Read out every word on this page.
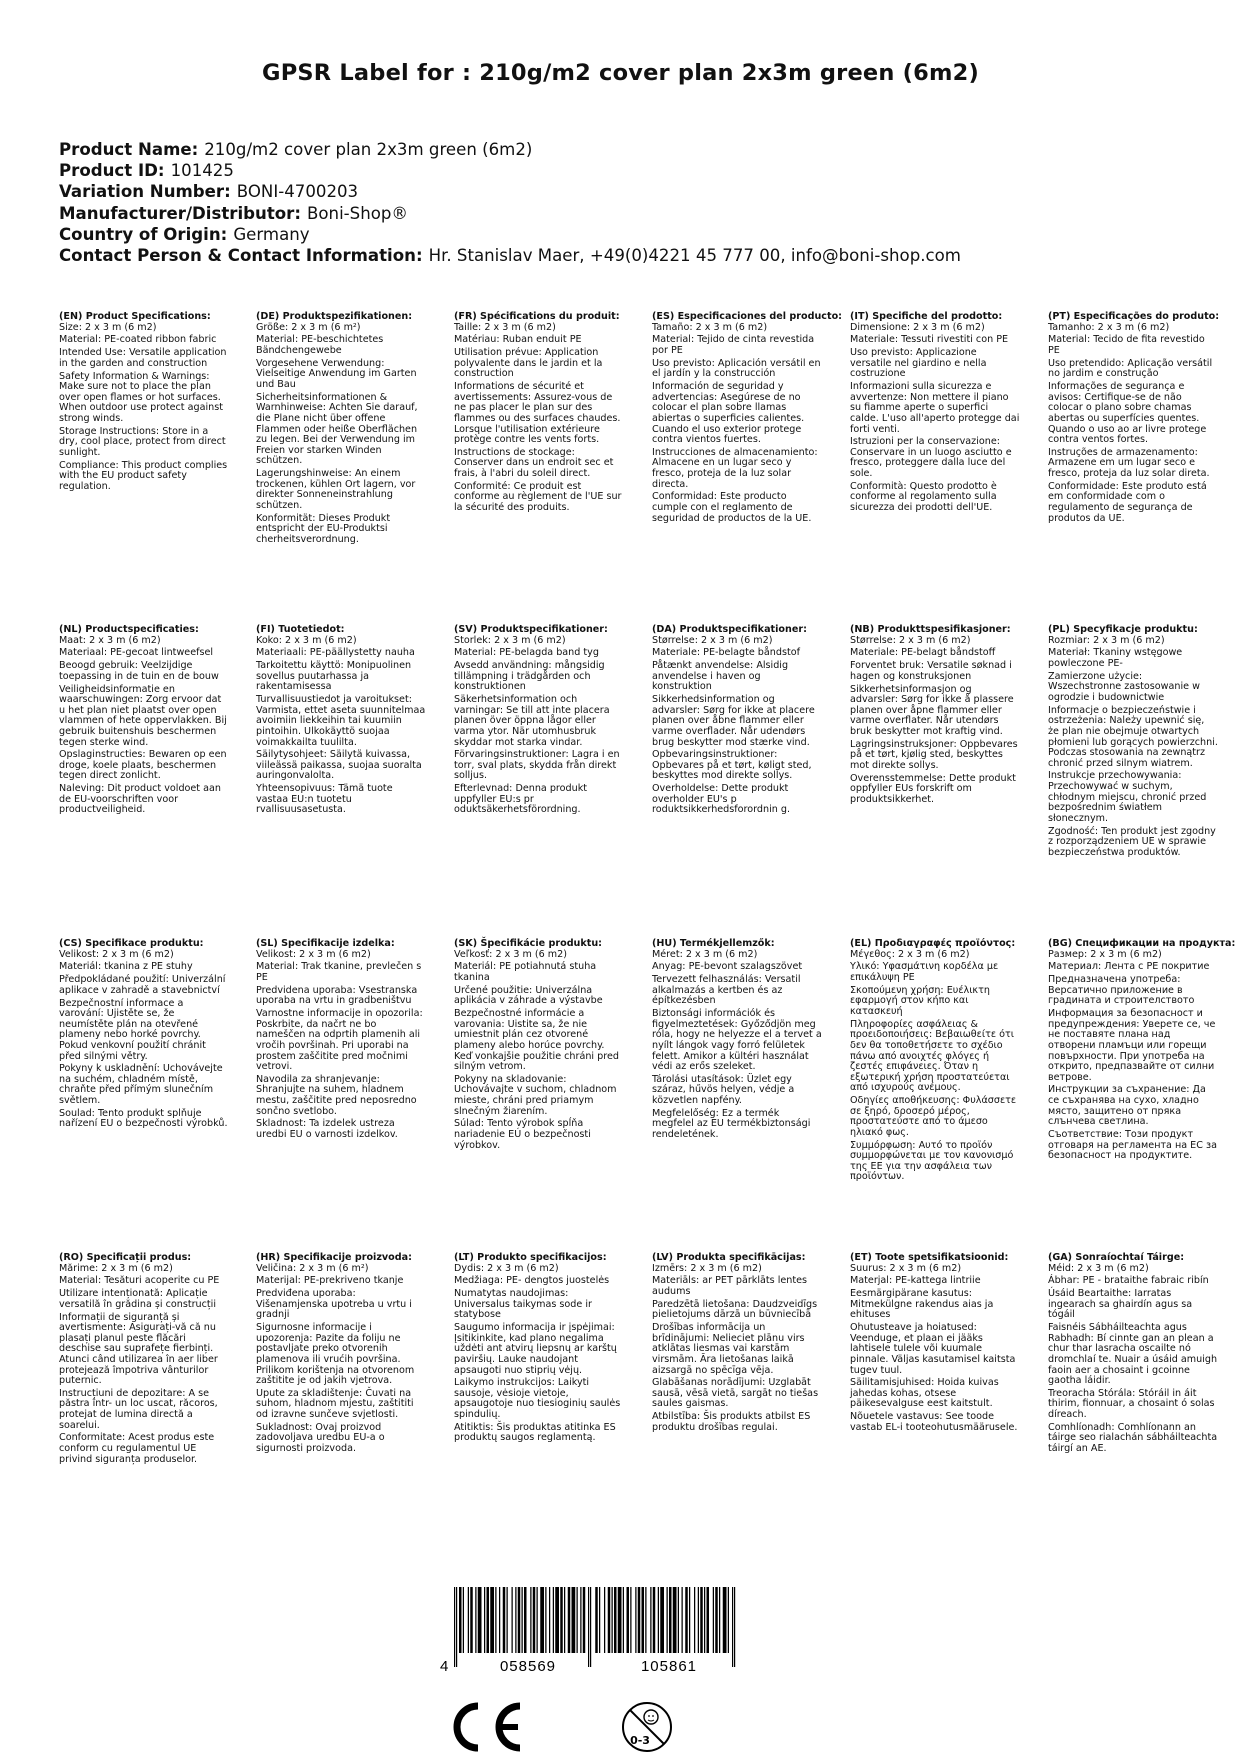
GPSR Label for : 210g/m2 cover plan 2x3m green (6m2)
Product Name: 210g/m2 cover plan 2x3m green (6m2)
Product ID: 101425
Variation Number: BONI-4700203
Manufacturer/Distributor: Boni-Shop®
Country of Origin: Germany
Contact Person & Contact Information: Hr. Stanislav Maer, +49(0)4221 45 777 00, info@boni-shop.com
(EN) Product Specifications:

Size: 2 x 3 m (6 m2)

Material: PE-coated ribbon fabric

Intended Use: Versatile application in the garden and construction

Safety Information & Warnings: Make sure not to place the plan over open flames or hot surfaces. When outdoor use protect against strong winds.

Storage Instructions: Store in a dry, cool place, protect from direct sunlight.

Compliance: This product complies with the EU product safety regulation.

(DE) Produktspezifikationen:

Größe: 2 x 3 m (6 m²)

Material: PE-beschichtetes Bändchengewebe

Vorgesehene Verwendung: Vielseitige Anwendung im Garten und Bau

Sicherheitsinformationen & Warnhinweise: Achten Sie darauf, die Plane nicht über offene Flammen oder heiße Oberflächen zu legen. Bei der Verwendung im Freien vor starken Winden schützen.

Lagerungshinweise: An einem trockenen, kühlen Ort lagern, vor direkter Sonneneinstrahlung schützen.

Konformität: Dieses Produkt entspricht der EU-Produktsi cherheitsverordnung.

(FR) Spécifications du produit:

Taille: 2 x 3 m (6 m2)

Matériau: Ruban enduit PE

Utilisation prévue: Application polyvalente dans le jardin et la construction

Informations de sécurité et avertissements: Assurez-vous de ne pas placer le plan sur des flammes ou des surfaces chaudes. Lorsque l'utilisation extérieure protège contre les vents forts.

Instructions de stockage: Conserver dans un endroit sec et frais, à l'abri du soleil direct.

Conformité: Ce produit est conforme au règlement de l'UE sur la sécurité des produits.

(ES) Especificaciones del producto:

Tamaño: 2 x 3 m (6 m2)

Material: Tejido de cinta revestida por PE

Uso previsto: Aplicación versátil en el jardín y la construcción

Información de seguridad y advertencias: Asegúrese de no colocar el plan sobre llamas abiertas o superficies calientes. Cuando el uso exterior protege contra vientos fuertes.

Instrucciones de almacenamiento: Almacene en un lugar seco y fresco, proteja de la luz solar directa.

Conformidad: Este producto cumple con el reglamento de seguridad de productos de la UE.

(IT) Specifiche del prodotto:

Dimensione: 2 x 3 m (6 m2)

Materiale: Tessuti rivestiti con PE

Uso previsto: Applicazione versatile nel giardino e nella costruzione

Informazioni sulla sicurezza e avvertenze: Non mettere il piano su fiamme aperte o superfici calde. L'uso all'aperto protegge dai forti venti.

Istruzioni per la conservazione: Conservare in un luogo asciutto e fresco, proteggere dalla luce del sole.

Conformità: Questo prodotto è conforme al regolamento sulla sicurezza dei prodotti dell'UE.

(PT) Especificações do produto:

Tamanho: 2 x 3 m (6 m2)

Material: Tecido de fita revestido PE

Uso pretendido: Aplicação versátil no jardim e construção

Informações de segurança e avisos: Certifique-se de não colocar o plano sobre chamas abertas ou superfícies quentes. Quando o uso ao ar livre protege contra ventos fortes.

Instruções de armazenamento: Armazene em um lugar seco e fresco, proteja da luz solar direta.

Conformidade: Este produto está em conformidade com o regulamento de segurança de produtos da UE.

(NL) Productspecificaties:

Maat: 2 x 3 m (6 m2)

Materiaal: PE-gecoat lintweefsel

Beoogd gebruik: Veelzijdige toepassing in de tuin en de bouw

Veiligheidsinformatie en waarschuwingen: Zorg ervoor dat u het plan niet plaatst over open vlammen of hete oppervlakken. Bij gebruik buitenshuis beschermen tegen sterke wind.

Opslaginstructies: Bewaren op een droge, koele plaats, beschermen tegen direct zonlicht.

Naleving: Dit product voldoet aan de EU-voorschriften voor productveiligheid.

(FI) Tuotetiedot:

Koko: 2 x 3 m (6 m2)

Materiaali: PE-päällystetty nauha

Tarkoitettu käyttö: Monipuolinen sovellus puutarhassa ja rakentamisessa

Turvallisuustiedot ja varoitukset: Varmista, ettet aseta suunnitelmaa avoimiin liekkeihin tai kuumiin pintoihin. Ulkokäyttö suojaa voimakkailta tuulilta.

Säilytysohjeet: Säilytä kuivassa, viileässä paikassa, suojaa suoralta auringonvalolta.

Yhteensopivuus: Tämä tuote vastaa EU:n tuotetu rvallisuusasetusta.

(SV) Produktspecifikationer:

Storlek: 2 x 3 m (6 m2)

Material: PE-belagda band tyg

Avsedd användning: mångsidig tillämpning i trädgården och konstruktionen

Säkerhetsinformation och varningar: Se till att inte placera planen över öppna lågor eller varma ytor. När utomhusbruk skyddar mot starka vindar.

Förvaringsinstruktioner: Lagra i en torr, sval plats, skydda från direkt solljus.

Efterlevnad: Denna produkt uppfyller EU:s pr oduktsäkerhetsförordning.

(DA) Produktspecifikationer:

Størrelse: 2 x 3 m (6 m2)

Materiale: PE-belagte båndstof

Påtænkt anvendelse: Alsidig anvendelse i haven og konstruktion

Sikkerhedsinformation og advarsler: Sørg for ikke at placere planen over åbne flammer eller varme overflader. Når udendørs brug beskytter mod stærke vind.

Opbevaringsinstruktioner: Opbevares på et tørt, køligt sted, beskyttes mod direkte sollys.

Overholdelse: Dette produkt overholder EU's p roduktsikkerhedsforordnin g.

(NB) Produkttspesifikasjoner:

Størrelse: 2 x 3 m (6 m2)

Materiale: PE-belagt båndstoff

Forventet bruk: Versatile søknad i hagen og konstruksjonen

Sikkerhetsinformasjon og advarsler: Sørg for ikke å plassere planen over åpne flammer eller varme overflater. Når utendørs bruk beskytter mot kraftig vind.

Lagringsinstruksjoner: Oppbevares på et tørt, kjølig sted, beskyttes mot direkte sollys.

Overensstemmelse: Dette produkt oppfyller EUs forskrift om produktsikkerhet.

(PL) Specyfikacje produktu:

Rozmiar: 2 x 3 m (6 m2)

Materiał: Tkaniny wstęgowe powleczone PE-

Zamierzone użycie: Wszechstronne zastosowanie w ogrodzie i budownictwie

Informacje o bezpieczeństwie i ostrzeżenia: Należy upewnić się, że plan nie obejmuje otwartych płomieni lub gorących powierzchni. Podczas stosowania na zewnątrz chronić przed silnym wiatrem.

Instrukcje przechowywania: Przechowywać w suchym, chłodnym miejscu, chronić przed bezpośrednim światłem słonecznym.

Zgodność: Ten produkt jest zgodny z rozporządzeniem UE w sprawie bezpieczeństwa produktów.

(CS) Specifikace produktu:

Velikost: 2 x 3 m (6 m2)

Materiál: tkanina z PE stuhy

Předpokládané použití: Univerzální aplikace v zahradě a stavebnictví

Bezpečnostní informace a varování: Ujistěte se, že neumístěte plán na otevřené plameny nebo horké povrchy. Pokud venkovní použití chránit před silnými větry.

Pokyny k uskladnění: Uchovávejte na suchém, chladném místě, chraňte před přímým slunečním světlem.

Soulad: Tento produkt splňuje nařízení EU o bezpečnosti výrobků.

(SL) Specifikacije izdelka:

Velikost: 2 x 3 m (6 m2)

Material: Trak tkanine, prevlečen s PE

Predvidena uporaba: Vsestranska uporaba na vrtu in gradbeništvu

Varnostne informacije in opozorila: Poskrbite, da načrt ne bo nameščen na odprtih plamenih ali vročih površinah. Pri uporabi na prostem zaščitite pred močnimi vetrovi.

Navodila za shranjevanje: Shranjujte na suhem, hladnem mestu, zaščitite pred neposredno sončno svetlobo.

Skladnost: Ta izdelek ustreza uredbi EU o varnosti izdelkov.

(SK) Špecifikácie produktu:

Veľkosť: 2 x 3 m (6 m2)

Materiál: PE potiahnutá stuha tkanina

Určené použitie: Univerzálna aplikácia v záhrade a výstavbe

Bezpečnostné informácie a varovania: Uistite sa, že nie umiestnit plán cez otvorené plameny alebo horúce povrchy. Keď vonkajšie použitie chráni pred silným vetrom.

Pokyny na skladovanie: Uchovávajte v suchom, chladnom mieste, chráni pred priamym slnečným žiarením.

Súlad: Tento výrobok spĺňa nariadenie EÚ o bezpečnosti výrobkov.

(HU) Termékjellemzők:

Méret: 2 x 3 m (6 m2)

Anyag: PE-bevont szalagszövet

Tervezett felhasználás: Versatil alkalmazás a kertben és az építkezésben

Biztonsági információk és figyelmeztetések: Győződjön meg róla, hogy ne helyezze el a tervet a nyílt lángok vagy forró felületek felett. Amikor a kültéri használat védi az erős szeleket.

Tárolási utasítások: Üzlet egy száraz, hűvös helyen, védje a közvetlen napfény.

Megfelelőség: Ez a termék megfelel az EU termékbiztonsági rendeletének.

(EL) Προδιαγραφές προϊόντος:

Μέγεθος: 2 x 3 m (6 m2)

Υλικό: Υφασμάτινη κορδέλα με επικάλυψη PE

Σκοπούμενη χρήση: Ευέλικτη εφαρμογή στον κήπο και κατασκευή

Πληροφορίες ασφάλειας & προειδοποιήσεις: Βεβαιωθείτε ότι δεν θα τοποθετήσετε το σχέδιο πάνω από ανοιχτές φλόγες ή ζεστές επιφάνειες. Όταν η εξωτερική χρήση προστατεύεται από ισχυρούς ανέμους.

Οδηγίες αποθήκευσης: Φυλάσσετε σε ξηρό, δροσερό μέρος, προστατεύστε από το άμεσο ηλιακό φως.

Συμμόρφωση: Αυτό το προϊόν συμμορφώνεται με τον κανονισμό της ΕΕ για την ασφάλεια των προϊόντων.

(BG) Спецификации на продукта:

Размер: 2 x 3 m (6 m2)

Материал: Лента с PE покритие

Предназначена употреба: Версатично приложение в градината и строителството

Информация за безопасност и предупреждения: Уверете се, че не поставяте плана над отворени пламъци или горещи повърхности. При употреба на открито, предпазвайте от силни ветрове.

Инструкции за съхранение: Да се съхранява на сухо, хладно място, защитено от пряка слънчева светлина.

Съответствие: Този продукт отговаря на регламента на ЕС за безопасност на продуктите.

(RO) Specificații produs:

Mărime: 2 x 3 m (6 m2)

Material: Tesături acoperite cu PE

Utilizare intenționată: Aplicație versatilă în grădina și construcții

Informații de siguranță și avertismente: Asigurați-vă că nu plasați planul peste flăcări deschise sau suprafețe fierbinți. Atunci când utilizarea în aer liber protejează împotriva vânturilor puternic.

Instrucțiuni de depozitare: A se păstra într- un loc uscat, răcoros, protejat de lumina directă a soarelui.

Conformitate: Acest produs este conform cu regulamentul UE privind siguranța produselor.

(HR) Specifikacije proizvoda:

Veličina: 2 x 3 m (6 m²)

Materijal: PE-prekriveno tkanje

Predviđena uporaba: Višenamjenska upotreba u vrtu i gradnji

Sigurnosne informacije i upozorenja: Pazite da foliju ne postavljate preko otvorenih plamenova ili vrućih površina. Prilikom korištenja na otvorenom zaštitite je od jakih vjetrova.

Upute za skladištenje: Čuvati na suhom, hladnom mjestu, zaštititi od izravne sunčeve svjetlosti.

Sukladnost: Ovaj proizvod zadovoljava uredbu EU-a o sigurnosti proizvoda.

(LT) Produkto specifikacijos:

Dydis: 2 x 3 m (6 m2)

Medžiaga: PE- dengtos juostelės

Numatytas naudojimas: Universalus taikymas sode ir statybose

Saugumo informacija ir įspėjimai: Įsitikinkite, kad plano negalima uždėti ant atvirų liepsnų ar karštų paviršių. Lauke naudojant apsaugoti nuo stiprių vėjų.

Laikymo instrukcijos: Laikyti sausoje, vėsioje vietoje, apsaugotoje nuo tiesioginių saulės spindulių.

Atitiktis: Šis produktas atitinka ES produktų saugos reglamentą.

(LV) Produkta specifikācijas:

Izmērs: 2 x 3 m (6 m2)

Materiāls: ar PET pārklāts lentes audums

Paredzētā lietošana: Daudzveidīgs pielietojums dārzā un būvniecībā

Drošības informācija un brīdinājumi: Nelieciet plānu virs atklātas liesmas vai karstām virsmām. Āra lietošanas laikā aizsargā no spēcīga vēja.

Glabāšanas norādījumi: Uzglabāt sausā, vēsā vietā, sargāt no tiešas saules gaismas.

Atbilstība: Šis produkts atbilst ES produktu drošības regulai.

(ET) Toote spetsifikatsioonid:

Suurus: 2 x 3 m (6 m2)

Materjal: PE-kattega lintriie

Eesmärgipärane kasutus: Mitmekülgne rakendus aias ja ehituses

Ohutusteave ja hoiatused: Veenduge, et plaan ei jääks lahtisele tulele või kuumale pinnale. Väljas kasutamisel kaitsta tugev tuul.

Säilitamisjuhised: Hoida kuivas jahedas kohas, otsese päikesevalguse eest kaitstult.

Nõuetele vastavus: See toode vastab EL-i tooteohutusmäärusele.

(GA) Sonraíochtaí Táirge:

Méid: 2 x 3 m (6 m2)

Ábhar: PE - brataithe fabraic ribín

Úsáid Beartaithe: Iarratas ingearach sa ghairdín agus sa tógáil

Faisnéis Sábháilteachta agus Rabhadh: Bí cinnte gan an plean a chur thar lasracha oscailte nó dromchlaí te. Nuair a úsáid amuigh faoin aer a chosaint i gcoinne gaotha láidir.

Treoracha Stórála: Stóráil in áit thirim, fionnuar, a chosaint ó solas díreach.

Comhlíonadh: Comhlíonann an táirge seo rialachán sábháilteachta táirgí an AE.

4	058569	105861
0-3
